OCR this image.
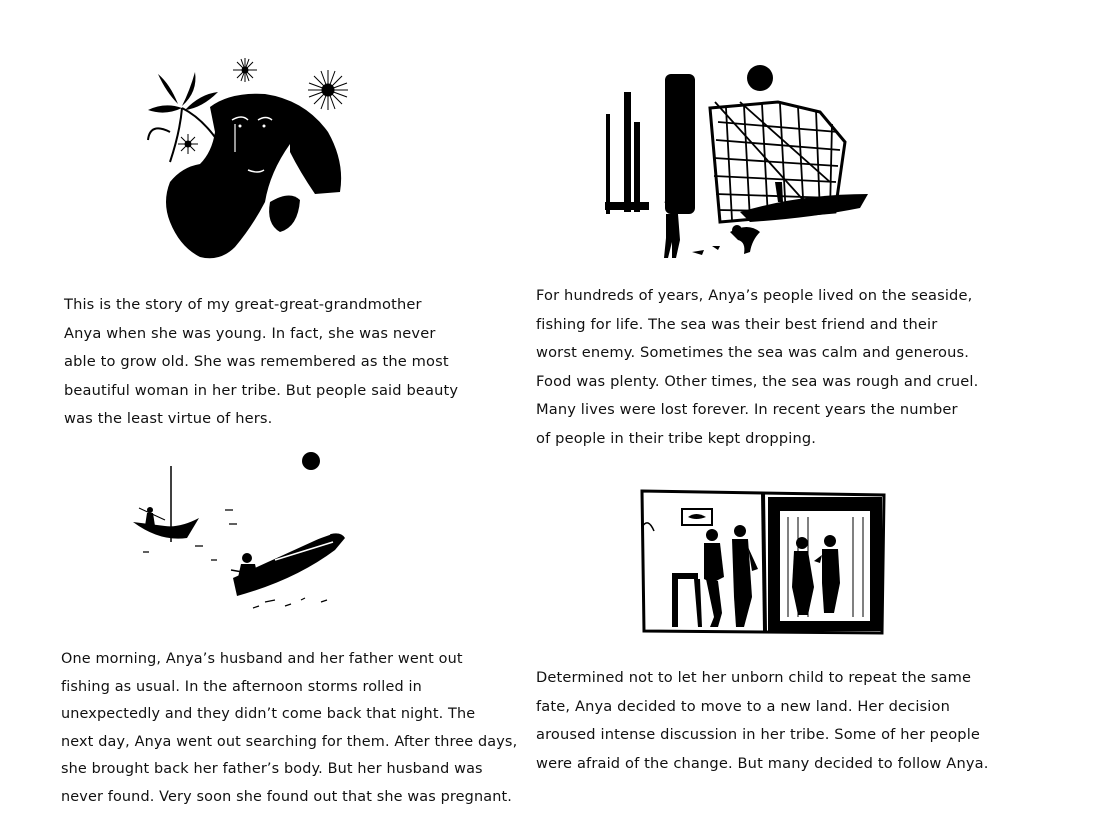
This is the story of my great-great-grandmother

Anya when she was young. In fact, she was never

able to grow old. She was remembered as the most

beautiful woman in her tribe. But people said beauty

was the least virtue of hers.

For hundreds of years, Anya’s people lived on the seaside,

fishing for life. The sea was their best friend and their

worst enemy. Sometimes the sea was calm and generous.

Food was plenty. Other times, the sea was rough and cruel.

Many lives were lost forever. In recent years the number

of people in their tribe kept dropping.

One morning, Anya’s husband and her father went out

fishing as usual. In the afternoon storms rolled in

unexpectedly and they didn’t come back that night. The

next day, Anya went out searching for them. After three days,

she brought back her father’s body. But her husband was

never found. Very soon she found out that she was pregnant.

Determined not to let her unborn child to repeat the same

fate, Anya decided to move to a new land. Her decision

aroused intense discussion in her tribe. Some of her people

were afraid of the change. But many decided to follow Anya.
